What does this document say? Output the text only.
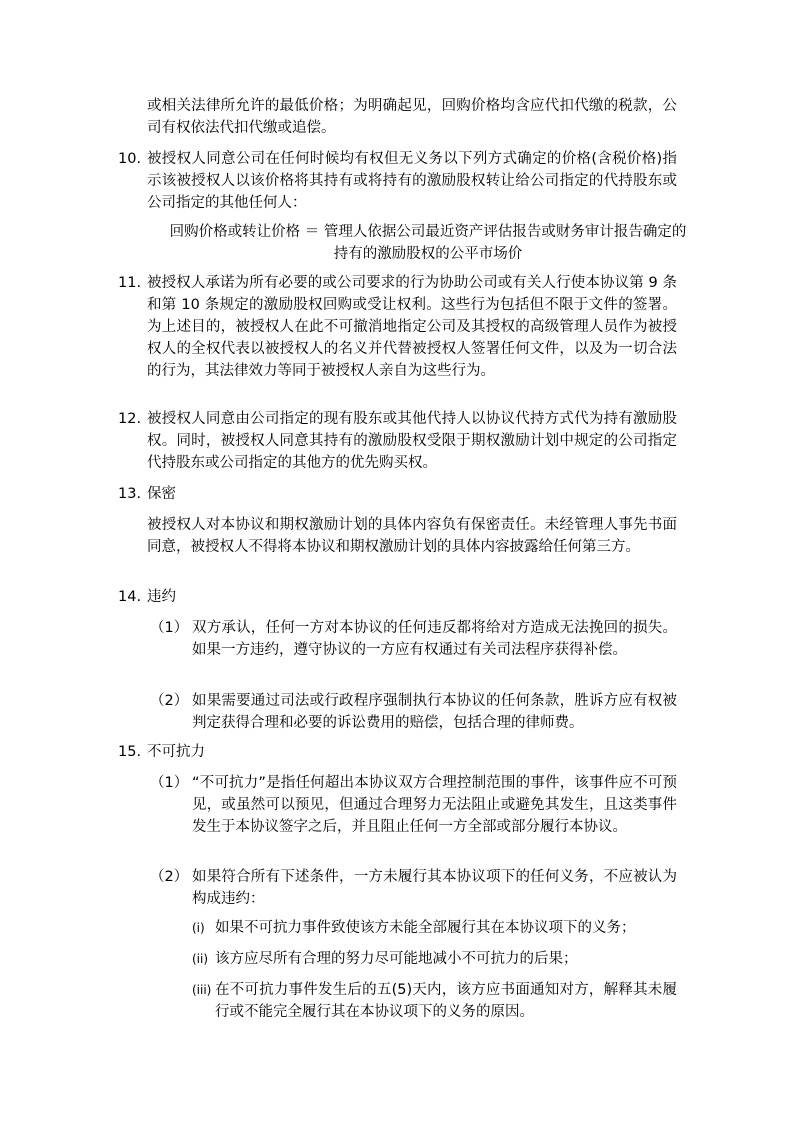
或相关法律所允许的最低价格；为明确起见，回购价格均含应代扣代缴的税款，公司有权依法代扣代缴或追偿。
10. 被授权人同意公司在任何时候均有权但无义务以下列方式确定的价格(含税价格)指示该被授权人以该价格将其持有或将持有的激励股权转让给公司指定的代持股东或公司指定的其他任何人：
回购价格或转让价格 ＝ 管理人依据公司最近资产评估报告或财务审计报告确定的持有的激励股权的公平市场价
11. 被授权人承诺为所有必要的或公司要求的行为协助公司或有关人行使本协议第 9 条和第 10 条规定的激励股权回购或受让权利。这些行为包括但不限于文件的签署。为上述目的，被授权人在此不可撤消地指定公司及其授权的高级管理人员作为被授权人的全权代表以被授权人的名义并代替被授权人签署任何文件，以及为一切合法的行为，其法律效力等同于被授权人亲自为这些行为。
12. 被授权人同意由公司指定的现有股东或其他代持人以协议代持方式代为持有激励股权。同时，被授权人同意其持有的激励股权受限于期权激励计划中规定的公司指定代持股东或公司指定的其他方的优先购买权。
13. 保密
被授权人对本协议和期权激励计划的具体内容负有保密责任。未经管理人事先书面同意，被授权人不得将本协议和期权激励计划的具体内容披露给任何第三方。
14. 违约
（1） 双方承认，任何一方对本协议的任何违反都将给对方造成无法挽回的损失。如果一方违约，遵守协议的一方应有权通过有关司法程序获得补偿。
（2） 如果需要通过司法或行政程序强制执行本协议的任何条款，胜诉方应有权被判定获得合理和必要的诉讼费用的赔偿，包括合理的律师费。
15. 不可抗力
（1） “不可抗力”是指任何超出本协议双方合理控制范围的事件，该事件应不可预见，或虽然可以预见，但通过合理努力无法阻止或避免其发生，且这类事件发生于本协议签字之后，并且阻止任何一方全部或部分履行本协议。
（2） 如果符合所有下述条件，一方未履行其本协议项下的任何义务，不应被认为构成违约：
(i) 如果不可抗力事件致使该方未能全部履行其在本协议项下的义务；
(ii) 该方应尽所有合理的努力尽可能地减小不可抗力的后果；
(iii) 在不可抗力事件发生后的五(5)天内，该方应书面通知对方，解释其未履行或不能完全履行其在本协议项下的义务的原因。
